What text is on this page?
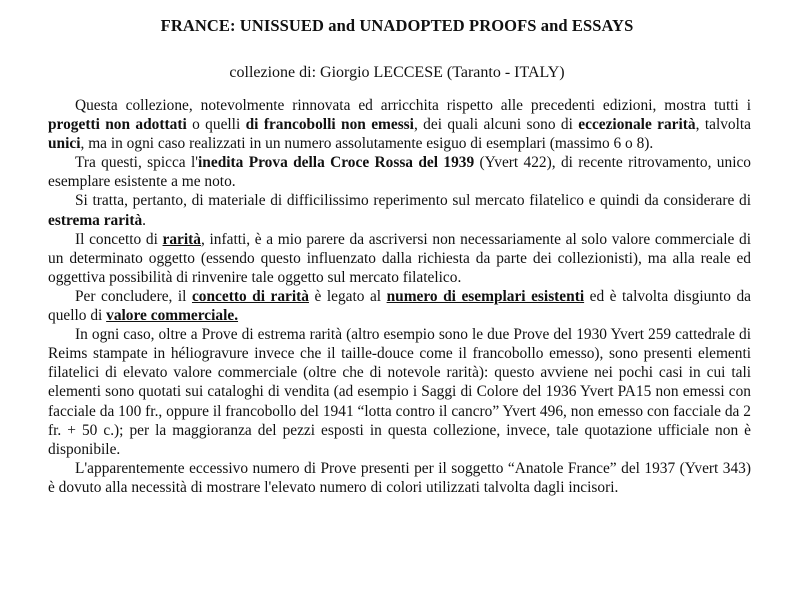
FRANCE: UNISSUED and UNADOPTED PROOFS and ESSAYS
collezione di: Giorgio LECCESE (Taranto - ITALY)

Questa collezione, notevolmente rinnovata ed arricchita rispetto alle precedenti edizioni, mostra tutti i progetti non adottati o quelli di francobolli non emessi, dei quali alcuni sono di eccezionale rarità, talvolta unici, ma in ogni caso realizzati in un numero assolutamente esiguo di esemplari (massimo 6 o 8).

Tra questi, spicca l'inedita Prova della Croce Rossa del 1939 (Yvert 422), di recente ritrovamento, unico esemplare esistente a me noto.

Si tratta, pertanto, di materiale di difficilissimo reperimento sul mercato filatelico e quindi da considerare di estrema rarità.

Il concetto di rarità, infatti, è a mio parere da ascriversi non necessariamente al solo valore commerciale di un determinato oggetto (essendo questo influenzato dalla richiesta da parte dei collezionisti), ma alla reale ed oggettiva possibilità di rinvenire tale oggetto sul mercato filatelico.

Per concludere, il concetto di rarità è legato al numero di esemplari esistenti ed è talvolta disgiunto da quello di valore commerciale.

In ogni caso, oltre a Prove di estrema rarità (altro esempio sono le due Prove del 1930 Yvert 259 cattedrale di Reims stampate in héliogravure invece che il taille-douce come il francobollo emesso), sono presenti elementi filatelici di elevato valore commerciale (oltre che di notevole rarità): questo avviene nei pochi casi in cui tali elementi sono quotati sui cataloghi di vendita (ad esempio i Saggi di Colore del 1936 Yvert PA15 non emessi con facciale da 100 fr., oppure il francobollo del 1941 “lotta contro il cancro” Yvert 496, non emesso con facciale da 2 fr. + 50 c.); per la maggioranza del pezzi esposti in questa collezione, invece, tale quotazione ufficiale non è disponibile.

L'apparentemente eccessivo numero di Prove presenti per il soggetto “Anatole France” del 1937 (Yvert 343) è dovuto alla necessità di mostrare l'elevato numero di colori utilizzati talvolta dagli incisori.
